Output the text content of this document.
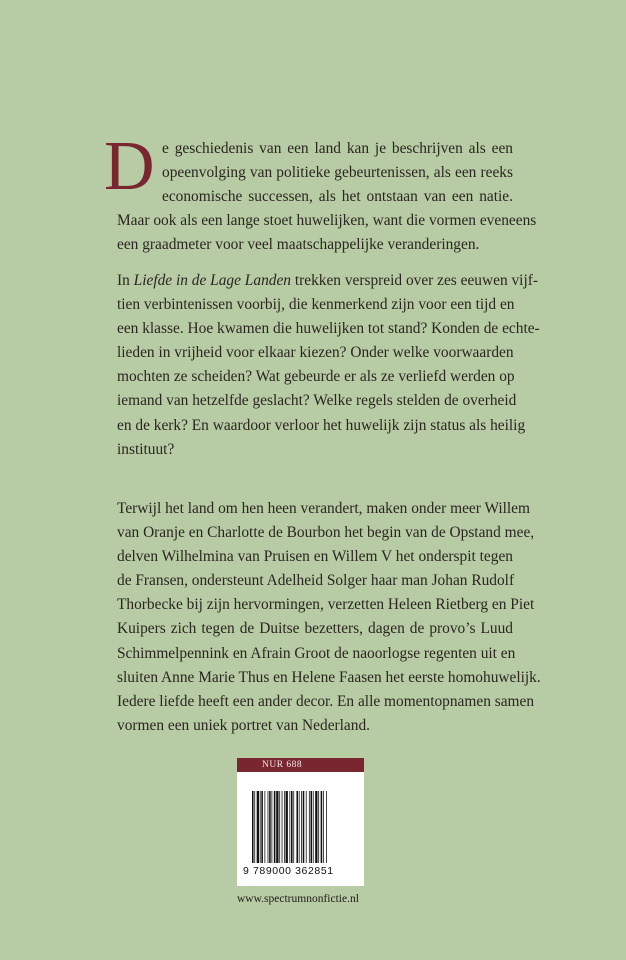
D e geschiedenis van een land kan je beschrijven als een
opeenvolging van politieke gebeurtenissen, als een reeks
economische successen, als het ontstaan van een natie.
Maar ook als een lange stoet huwelijken, want die vormen eveneens
een graadmeter voor veel maatschappelijke veranderingen.

In Liefde in de Lage Landen trekken verspreid over zes eeuwen vijf-
tien verbintenissen voorbij, die kenmerkend zijn voor een tijd en
een klasse. Hoe kwamen die huwelijken tot stand? Konden de echte-
lieden in vrijheid voor elkaar kiezen? Onder welke voorwaarden
mochten ze scheiden? Wat gebeurde er als ze verliefd werden op
iemand van hetzelfde geslacht? Welke regels stelden de overheid
en de kerk? En waardoor verloor het huwelijk zijn status als heilig
instituut?

Terwijl het land om hen heen verandert, maken onder meer Willem
van Oranje en Charlotte de Bourbon het begin van de Opstand mee,
delven Wilhelmina van Pruisen en Willem V het onderspit tegen
de Fransen, ondersteunt Adelheid Solger haar man Johan Rudolf
Thorbecke bij zijn hervormingen, verzetten Heleen Rietberg en Piet
Kuipers zich tegen de Duitse bezetters, dagen de provo’s Luud
Schimmelpennink en Afrain Groot de naoorlogse regenten uit en
sluiten Anne Marie Thus en Helene Faasen het eerste homohuwelijk.
Iedere liefde heeft een ander decor. En alle momentopnamen samen
vormen een uniek portret van Nederland.

NUR 688
9 789000 362851
www.spectrumnonfictie.nl
